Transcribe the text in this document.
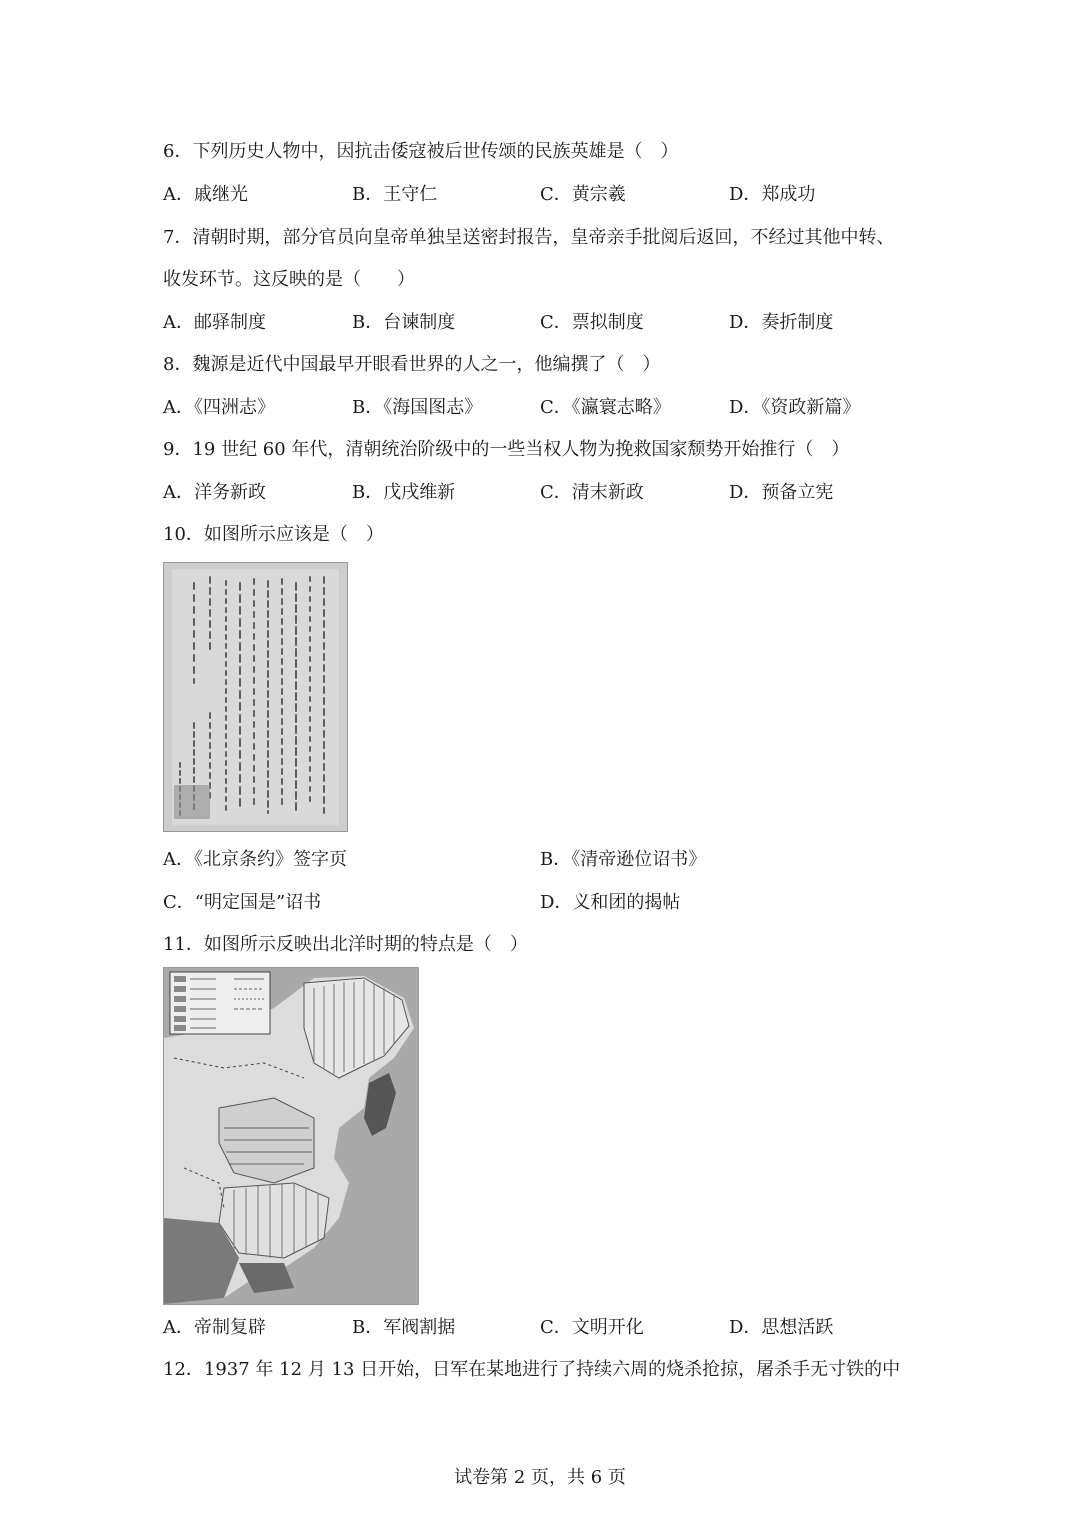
6．下列历史人物中，因抗击倭寇被后世传颂的民族英雄是（　）
A．戚继光	B．王守仁	C．黄宗羲	D．郑成功
7．清朝时期，部分官员向皇帝单独呈送密封报告，皇帝亲手批阅后返回，不经过其他中转、
收发环节。这反映的是（　　）
A．邮驿制度	B．台谏制度	C．票拟制度	D．奏折制度
8．魏源是近代中国最早开眼看世界的人之一，他编撰了（　）
A．《四洲志》	B．《海国图志》	C．《瀛寰志略》	D．《资政新篇》
9．19 世纪 60 年代，清朝统治阶级中的一些当权人物为挽救国家颓势开始推行（　）
A．洋务新政	B．戊戌维新	C．清末新政	D．预备立宪
10．如图所示应该是（　）
A．《北京条约》签字页	B．《清帝逊位诏书》
C．“明定国是”诏书	D．义和团的揭帖
11．如图所示反映出北洋时期的特点是（　）
A．帝制复辟	B．军阀割据	C．文明开化	D．思想活跃
12．1937 年 12 月 13 日开始，日军在某地进行了持续六周的烧杀抢掠，屠杀手无寸铁的中
试卷第 2 页，共 6 页
